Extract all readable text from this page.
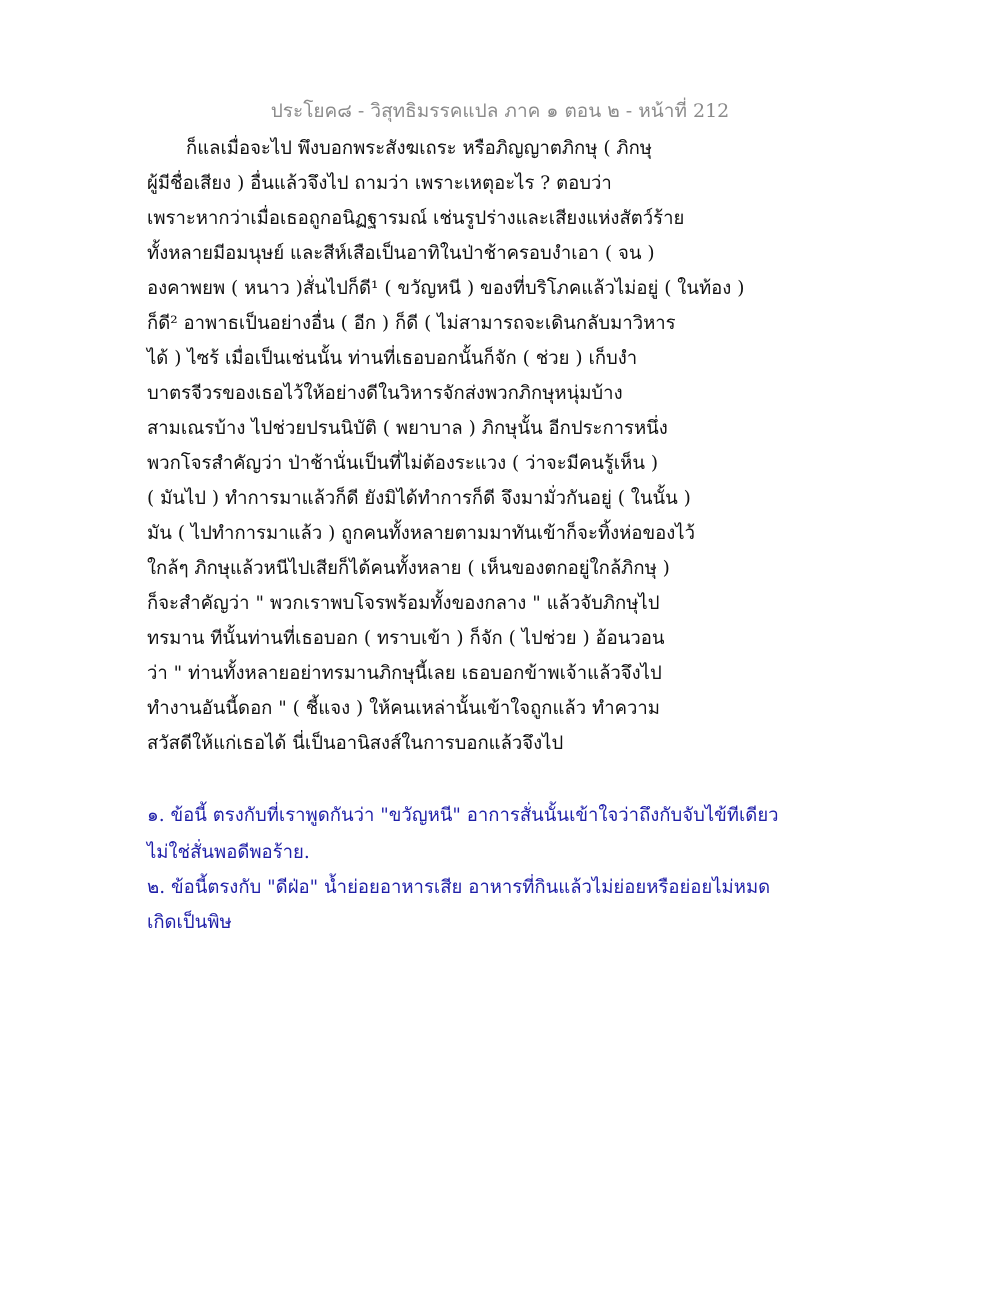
ประโยค๘ - วิสุทธิมรรคแปล ภาค ๑ ตอน ๒ - หน้าที่ 212
ก็แลเมื่อจะไป พึงบอกพระสังฆเถระ หรือภิญญาตภิกษุ ( ภิกษุ
ผู้มีชื่อเสียง ) อื่นแล้วจึงไป ถามว่า เพราะเหตุอะไร ? ตอบว่า
เพราะหากว่าเมื่อเธอถูกอนิฏฐารมณ์ เช่นรูปร่างและเสียงแห่งสัตว์ร้าย
ทั้งหลายมีอมนุษย์ และสีห์เสือเป็นอาทิในป่าช้าครอบงำเอา ( จน )
องคาพยพ ( หนาว )สั่นไปก็ดี¹ ( ขวัญหนี ) ของที่บริโภคแล้วไม่อยู่ ( ในท้อง )
ก็ดี² อาพาธเป็นอย่างอื่น ( อีก ) ก็ดี ( ไม่สามารถจะเดินกลับมาวิหาร
ได้ ) ไซร้ เมื่อเป็นเช่นนั้น ท่านที่เธอบอกนั้นก็จัก ( ช่วย ) เก็บงำ
บาตรจีวรของเธอไว้ให้อย่างดีในวิหารจักส่งพวกภิกษุหนุ่มบ้าง
สามเณรบ้าง ไปช่วยปรนนิบัติ ( พยาบาล ) ภิกษุนั้น อีกประการหนึ่ง
พวกโจรสำคัญว่า ป่าช้านั่นเป็นที่ไม่ต้องระแวง ( ว่าจะมีคนรู้เห็น )
( มันไป ) ทำการมาแล้วก็ดี ยังมิได้ทำการก็ดี จึงมามั่วกันอยู่ ( ในนั้น )
มัน ( ไปทำการมาแล้ว ) ถูกคนทั้งหลายตามมาทันเข้าก็จะทิ้งห่อของไว้
ใกล้ๆ ภิกษุแล้วหนีไปเสียก็ได้คนทั้งหลาย ( เห็นของตกอยู่ใกล้ภิกษุ )
ก็จะสำคัญว่า " พวกเราพบโจรพร้อมทั้งของกลาง " แล้วจับภิกษุไป
ทรมาน ทีนั้นท่านที่เธอบอก ( ทราบเข้า ) ก็จัก ( ไปช่วย ) อ้อนวอน
ว่า " ท่านทั้งหลายอย่าทรมานภิกษุนี้เลย เธอบอกข้าพเจ้าแล้วจึงไป
ทำงานอันนี้ดอก " ( ชี้แจง ) ให้คนเหล่านั้นเข้าใจถูกแล้ว ทำความ
สวัสดีให้แก่เธอได้ นี่เป็นอานิสงส์ในการบอกแล้วจึงไป
๑. ข้อนี้ ตรงกับที่เราพูดกันว่า "ขวัญหนี" อาการสั่นนั้นเข้าใจว่าถึงกับจับไข้ทีเดียว
ไม่ใช่สั่นพอดีพอร้าย.
๒. ข้อนี้ตรงกับ "ดีฝ่อ" น้ำย่อยอาหารเสีย อาหารที่กินแล้วไม่ย่อยหรือย่อยไม่หมด
เกิดเป็นพิษ
